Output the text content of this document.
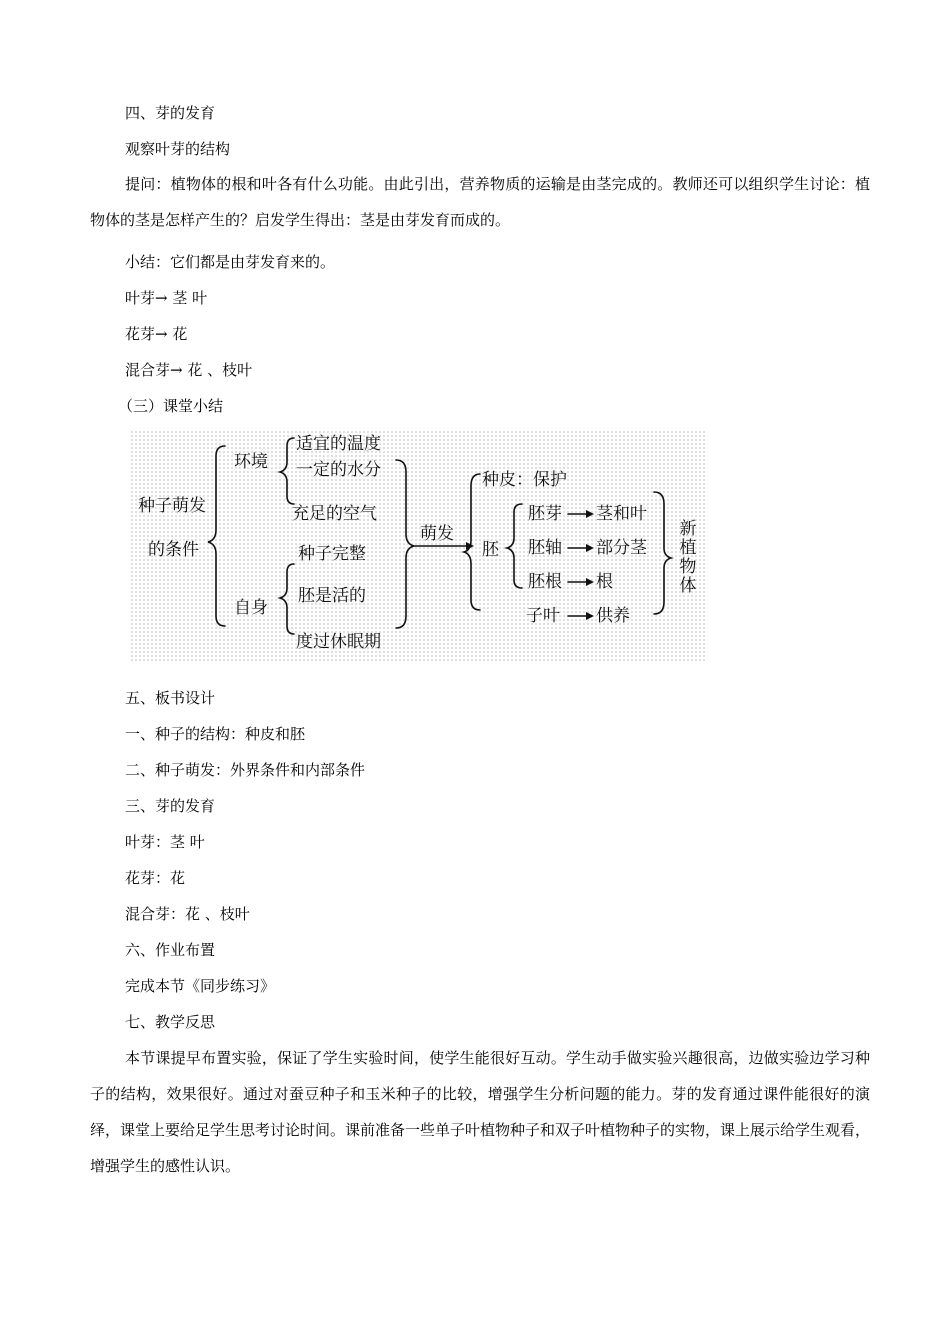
四、芽的发育
观察叶芽的结构
提问：植物体的根和叶各有什么功能。由此引出，营养物质的运输是由茎完成的。教师还可以组织学生讨论：植物体的茎是怎样产生的？启发学生得出：茎是由芽发育而成的。
小结：它们都是由芽发育来的。
叶芽→ 茎 叶
花芽→ 花
混合芽→ 花 、枝叶
（三）课堂小结
种子萌发
的条件
环境
适宜的温度
一定的水分
充足的空气
自身
种子完整
胚是活的
度过休眠期
萌发
种皮：保护
胚
胚芽
胚轴
胚根
子叶
茎和叶
部分茎
根
供养
新植物体
五、板书设计
一、种子的结构：种皮和胚
二、种子萌发：外界条件和内部条件
三、芽的发育
叶芽：茎 叶
花芽：花
混合芽：花 、枝叶
六、作业布置
完成本节《同步练习》
七、教学反思
本节课提早布置实验，保证了学生实验时间，使学生能很好互动。学生动手做实验兴趣很高，边做实验边学习种子的结构，效果很好。通过对蚕豆种子和玉米种子的比较，增强学生分析问题的能力。芽的发育通过课件能很好的演绎，课堂上要给足学生思考讨论时间。课前准备一些单子叶植物种子和双子叶植物种子的实物，课上展示给学生观看，增强学生的感性认识。
